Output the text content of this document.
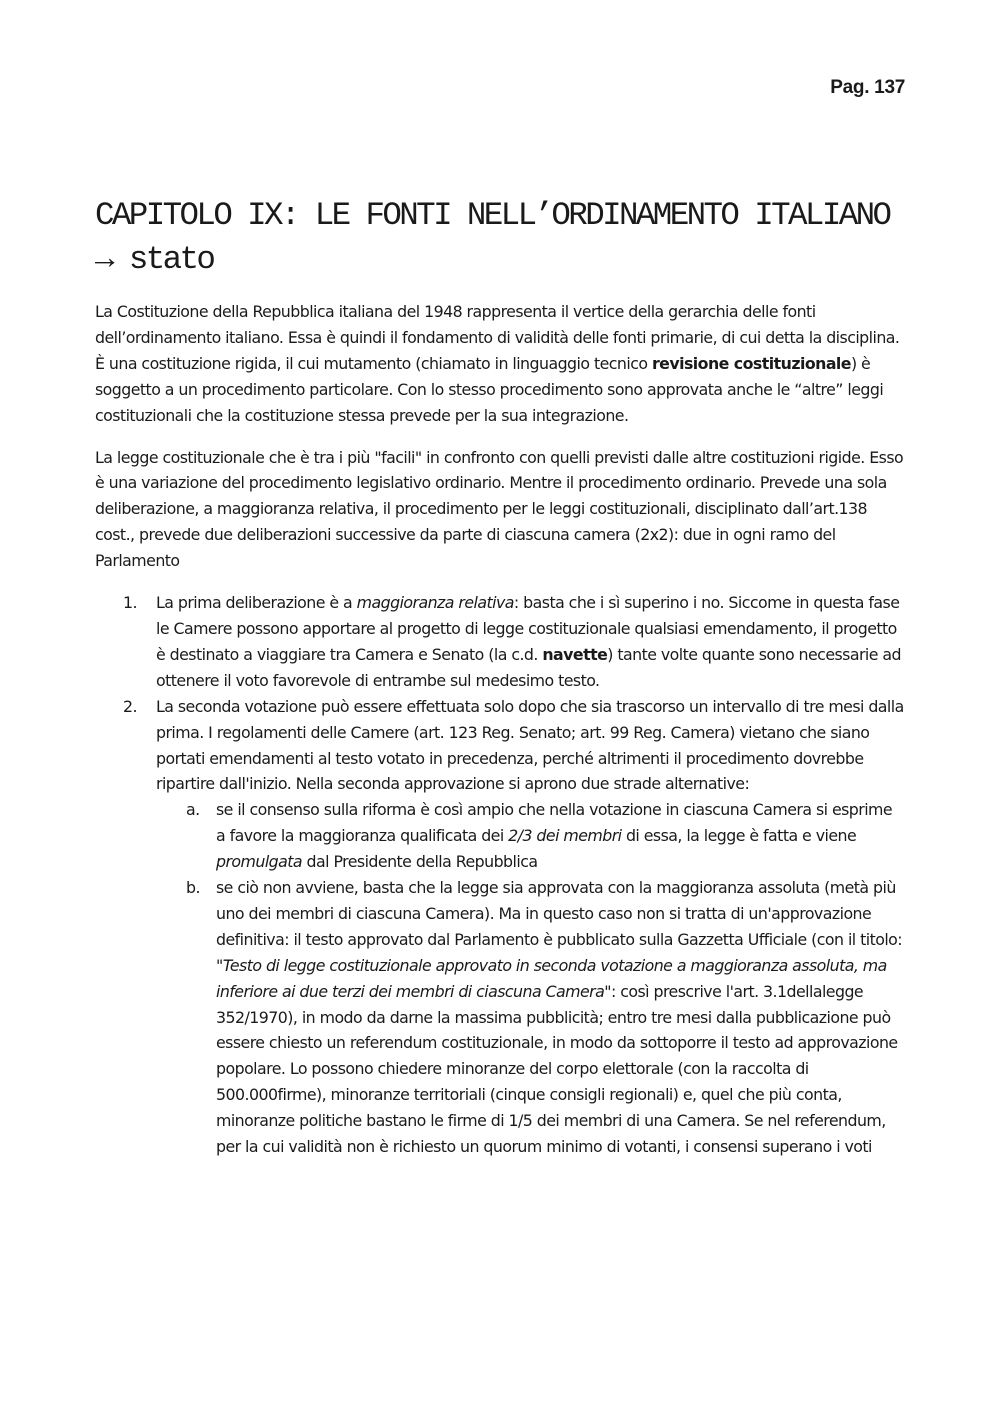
Pag. 137
CAPITOLO IX: LE FONTI NELL’ORDINAMENTO ITALIANO → stato

La Costituzione della Repubblica italiana del 1948 rappresenta il vertice della gerarchia delle fonti dell’ordinamento italiano. Essa è quindi il fondamento di validità delle fonti primarie, di cui detta la disciplina. È una costituzione rigida, il cui mutamento (chiamato in linguaggio tecnico revisione costituzionale) è soggetto a un procedimento particolare. Con lo stesso procedimento sono approvata anche le “altre” leggi costituzionali che la costituzione stessa prevede per la sua integrazione.

La legge costituzionale che è tra i più "facili" in confronto con quelli previsti dalle altre costituzioni rigide. Esso è una variazione del procedimento legislativo ordinario. Mentre il procedimento ordinario. Prevede una sola deliberazione, a maggioranza relativa, il procedimento per le leggi costituzionali, disciplinato dall’art.138 cost., prevede due deliberazioni successive da parte di ciascuna camera (2x2): due in ogni ramo del Parlamento

1. La prima deliberazione è a maggioranza relativa: basta che i sì superino i no. Siccome in questa fase le Camere possono apportare al progetto di legge costituzionale qualsiasi emendamento, il progetto è destinato a viaggiare tra Camera e Senato (la c.d. navette) tante volte quante sono necessarie ad ottenere il voto favorevole di entrambe sul medesimo testo.
2. La seconda votazione può essere effettuata solo dopo che sia trascorso un intervallo di tre mesi dalla prima. I regolamenti delle Camere (art. 123 Reg. Senato; art. 99 Reg. Camera) vietano che siano portati emendamenti al testo votato in precedenza, perché altrimenti il procedimento dovrebbe ripartire dall'inizio. Nella seconda approvazione si aprono due strade alternative:
a. se il consenso sulla riforma è così ampio che nella votazione in ciascuna Camera si esprime a favore la maggioranza qualificata dei 2/3 dei membri di essa, la legge è fatta e viene promulgata dal Presidente della Repubblica
b. se ciò non avviene, basta che la legge sia approvata con la maggioranza assoluta (metà più uno dei membri di ciascuna Camera). Ma in questo caso non si tratta di un'approvazione definitiva: il testo approvato dal Parlamento è pubblicato sulla Gazzetta Ufficiale (con il titolo: "Testo di legge costituzionale approvato in seconda votazione a maggioranza assoluta, ma inferiore ai due terzi dei membri di ciascuna Camera": così prescrive l'art. 3.1dellalegge 352/1970), in modo da darne la massima pubblicità; entro tre mesi dalla pubblicazione può essere chiesto un referendum costituzionale, in modo da sottoporre il testo ad approvazione popolare. Lo possono chiedere minoranze del corpo elettorale (con la raccolta di 500.000firme), minoranze territoriali (cinque consigli regionali) e, quel che più conta, minoranze politiche bastano le firme di 1/5 dei membri di una Camera. Se nel referendum, per la cui validità non è richiesto un quorum minimo di votanti, i consensi superano i voti
